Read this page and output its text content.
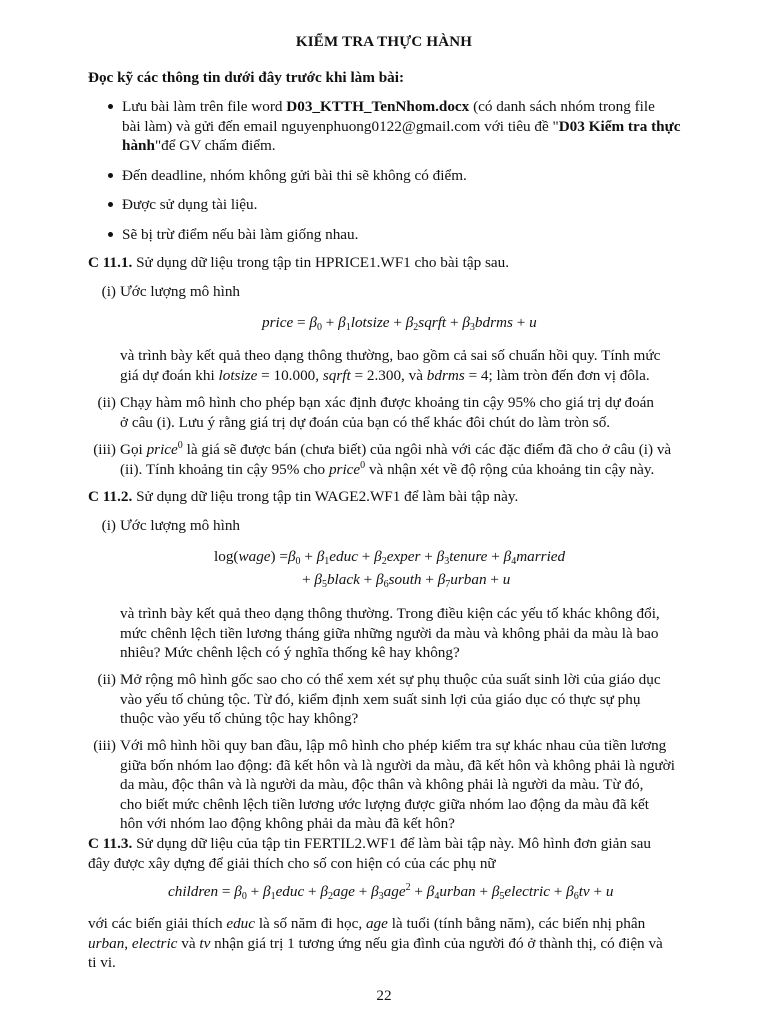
KIỂM TRA THỰC HÀNH
Đọc kỹ các thông tin dưới đây trước khi làm bài:
Lưu bài làm trên file word D03_KTTH_TenNhom.docx (có danh sách nhóm trong file
bài làm) và gửi đến email nguyenphuong0122@gmail.com với tiêu đề "D03 Kiểm tra thực
hành"để GV chấm điểm.
Đến deadline, nhóm không gửi bài thi sẽ không có điểm.
Được sử dụng tài liệu.
Sẽ bị trừ điểm nếu bài làm giống nhau.
C 11.1. Sử dụng dữ liệu trong tập tin HPRICE1.WF1 cho bài tập sau.
(i) Ước lượng mô hình
price = $\beta_0$ + $\beta_1lotsize$ + $\beta_2sqrft$ + $\beta_3bdrms + u$
và trình bày kết quả theo dạng thông thường, bao gồm cả sai số chuẩn hồi quy. Tính mức
giá dự đoán khi lotsize = 10.000, sqrft = 2.300, và bdrms = 4; làm tròn đến đơn vị đôla.
(ii) Chạy hàm mô hình cho phép bạn xác định được khoảng tin cậy 95% cho giá trị dự đoán
ở câu (i). Lưu ý rằng giá trị dự đoán của bạn có thể khác đôi chút do làm tròn số.
(iii) Gọi price$^0$ là giá sẽ được bán (chưa biết) của ngôi nhà với các đặc điểm đã cho ở câu (i) và
(ii). Tính khoảng tin cậy 95% cho price$^0$ và nhận xét về độ rộng của khoảng tin cậy này.
C 11.2. Sử dụng dữ liệu trong tập tin WAGE2.WF1 để làm bài tập này.
(i) Ước lượng mô hình
log(wage) $=\beta_0$ + $\beta_1educ$ + $\beta_2exper$ + $\beta_3tenure$ + $\beta_4married$
+ $\beta_5black$ + $\beta_6south$ + $\beta_7urban + u$
và trình bày kết quả theo dạng thông thường. Trong điều kiện các yếu tố khác không đổi,
mức chênh lệch tiền lương tháng giữa những người da màu và không phải da màu là bao
nhiêu? Mức chênh lệch có ý nghĩa thống kê hay không?
(ii) Mở rộng mô hình gốc sao cho có thể xem xét sự phụ thuộc của suất sinh lời của giáo dục
vào yếu tố chủng tộc. Từ đó, kiểm định xem suất sinh lợi của giáo dục có thực sự phụ
thuộc vào yếu tố chủng tộc hay không?
(iii) Với mô hình hồi quy ban đầu, lập mô hình cho phép kiểm tra sự khác nhau của tiền lương
giữa bốn nhóm lao động: đã kết hôn và là người da màu, đã kết hôn và không phải là người
da màu, độc thân và là người da màu, độc thân và không phải là người da màu. Từ đó,
cho biết mức chênh lệch tiền lương ước lượng được giữa nhóm lao động da màu đã kết
hôn với nhóm lao động không phải da màu đã kết hôn?
C 11.3. Sử dụng dữ liệu của tập tin FERTIL2.WF1 để làm bài tập này. Mô hình đơn giản sau
đây được xây dựng để giải thích cho số con hiện có của các phụ nữ
children = $\beta_0$ + $\beta_1educ + \beta_2age + \beta_3age^2$ + $\beta_4urban$ + $\beta_5electric + \beta_6tv + u$
với các biến giải thích educ là số năm đi học, age là tuổi (tính bằng năm), các biến nhị phân
urban, electric và tv nhận giá trị 1 tương ứng nếu gia đình của người đó ở thành thị, có điện và
ti vi.
22
